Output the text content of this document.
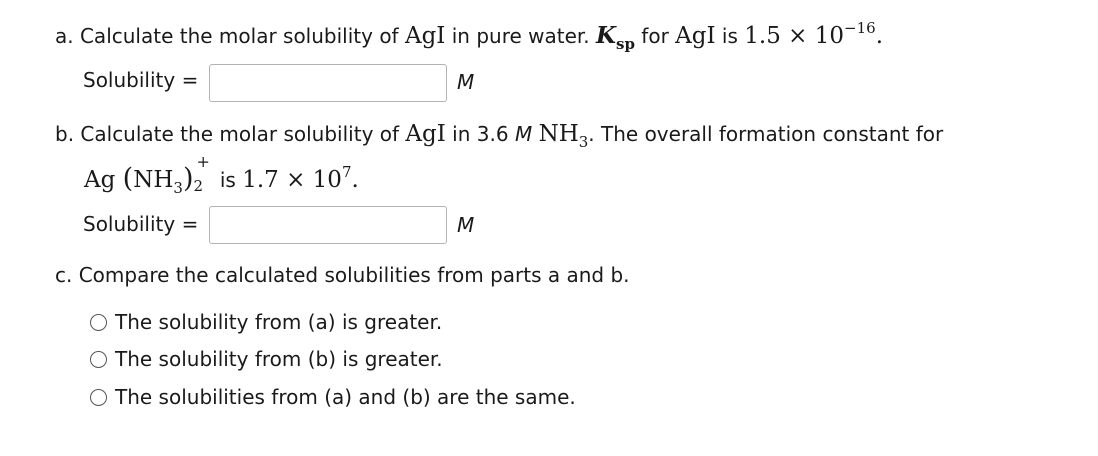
a. Calculate the molar solubility of AgI in pure water. $K_{sp}$ for AgI is $1.5 \times 10^{-16}$.
Solubility =	M
b. Calculate the molar solubility of AgI in 3.6 M $NH_3$. The overall formation constant for
Ag $(NH_3)$
+
2 is $1.7 \times 10^7$.
Solubility =	M
c. Compare the calculated solubilities from parts a and b.
The solubility from (a) is greater.
The solubility from (b) is greater.
The solubilities from (a) and (b) are the same.
